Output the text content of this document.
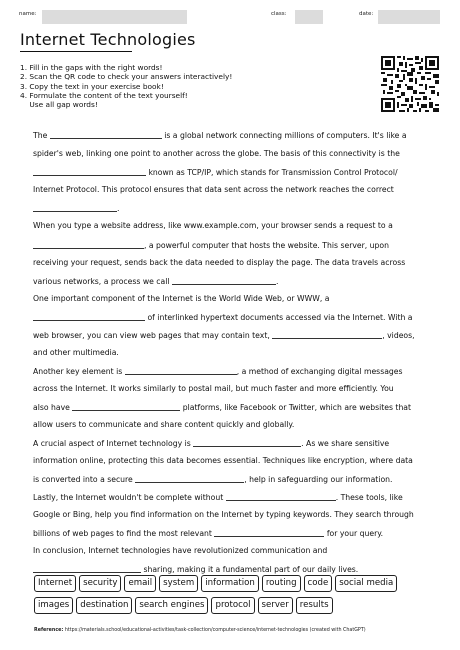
name:	class:	date:
Internet Technologies
1. Fill in the gaps with the right words!
2. Scan the QR code to check your answers interactively!
3. Copy the text in your exercise book!
4. Formulate the content of the text yourself!
Use all gap words!
The	is a global network connecting millions of computers. It's like a
spider's web, linking one point to another across the globe. The basis of this connectivity is the
known as TCP/IP, which stands for Transmission Control Protocol/
Internet Protocol. This protocol ensures that data sent across the network reaches the correct
.
When you type a website address, like www.example.com, your browser sends a request to a
, a powerful computer that hosts the website. This server, upon
receiving your request, sends back the data needed to display the page. The data travels across
various networks, a process we call	.
One important component of the Internet is the World Wide Web, or WWW, a
of interlinked hypertext documents accessed via the Internet. With a
web browser, you can view web pages that may contain text,	, videos,
and other multimedia.
Another key element is	, a method of exchanging digital messages
across the Internet. It works similarly to postal mail, but much faster and more efficiently. You
also have	platforms, like Facebook or Twitter, which are websites that
allow users to communicate and share content quickly and globally.
A crucial aspect of Internet technology is	. As we share sensitive
information online, protecting this data becomes essential. Techniques like encryption, where data
is converted into a secure	, help in safeguarding our information.
Lastly, the Internet wouldn't be complete without	. These tools, like
Google or Bing, help you find information on the Internet by typing keywords. They search through
billions of web pages to find the most relevant	for your query.
In conclusion, Internet technologies have revolutionized communication and
sharing, making it a fundamental part of our daily lives.
Internet	security	email	system	information	routing	code	social media
images	destination	search engines	protocol	server	results
Reference: https://materials.school/educational-activities/task-collection/computer-science/internet-technologies (created with ChatGPT)
